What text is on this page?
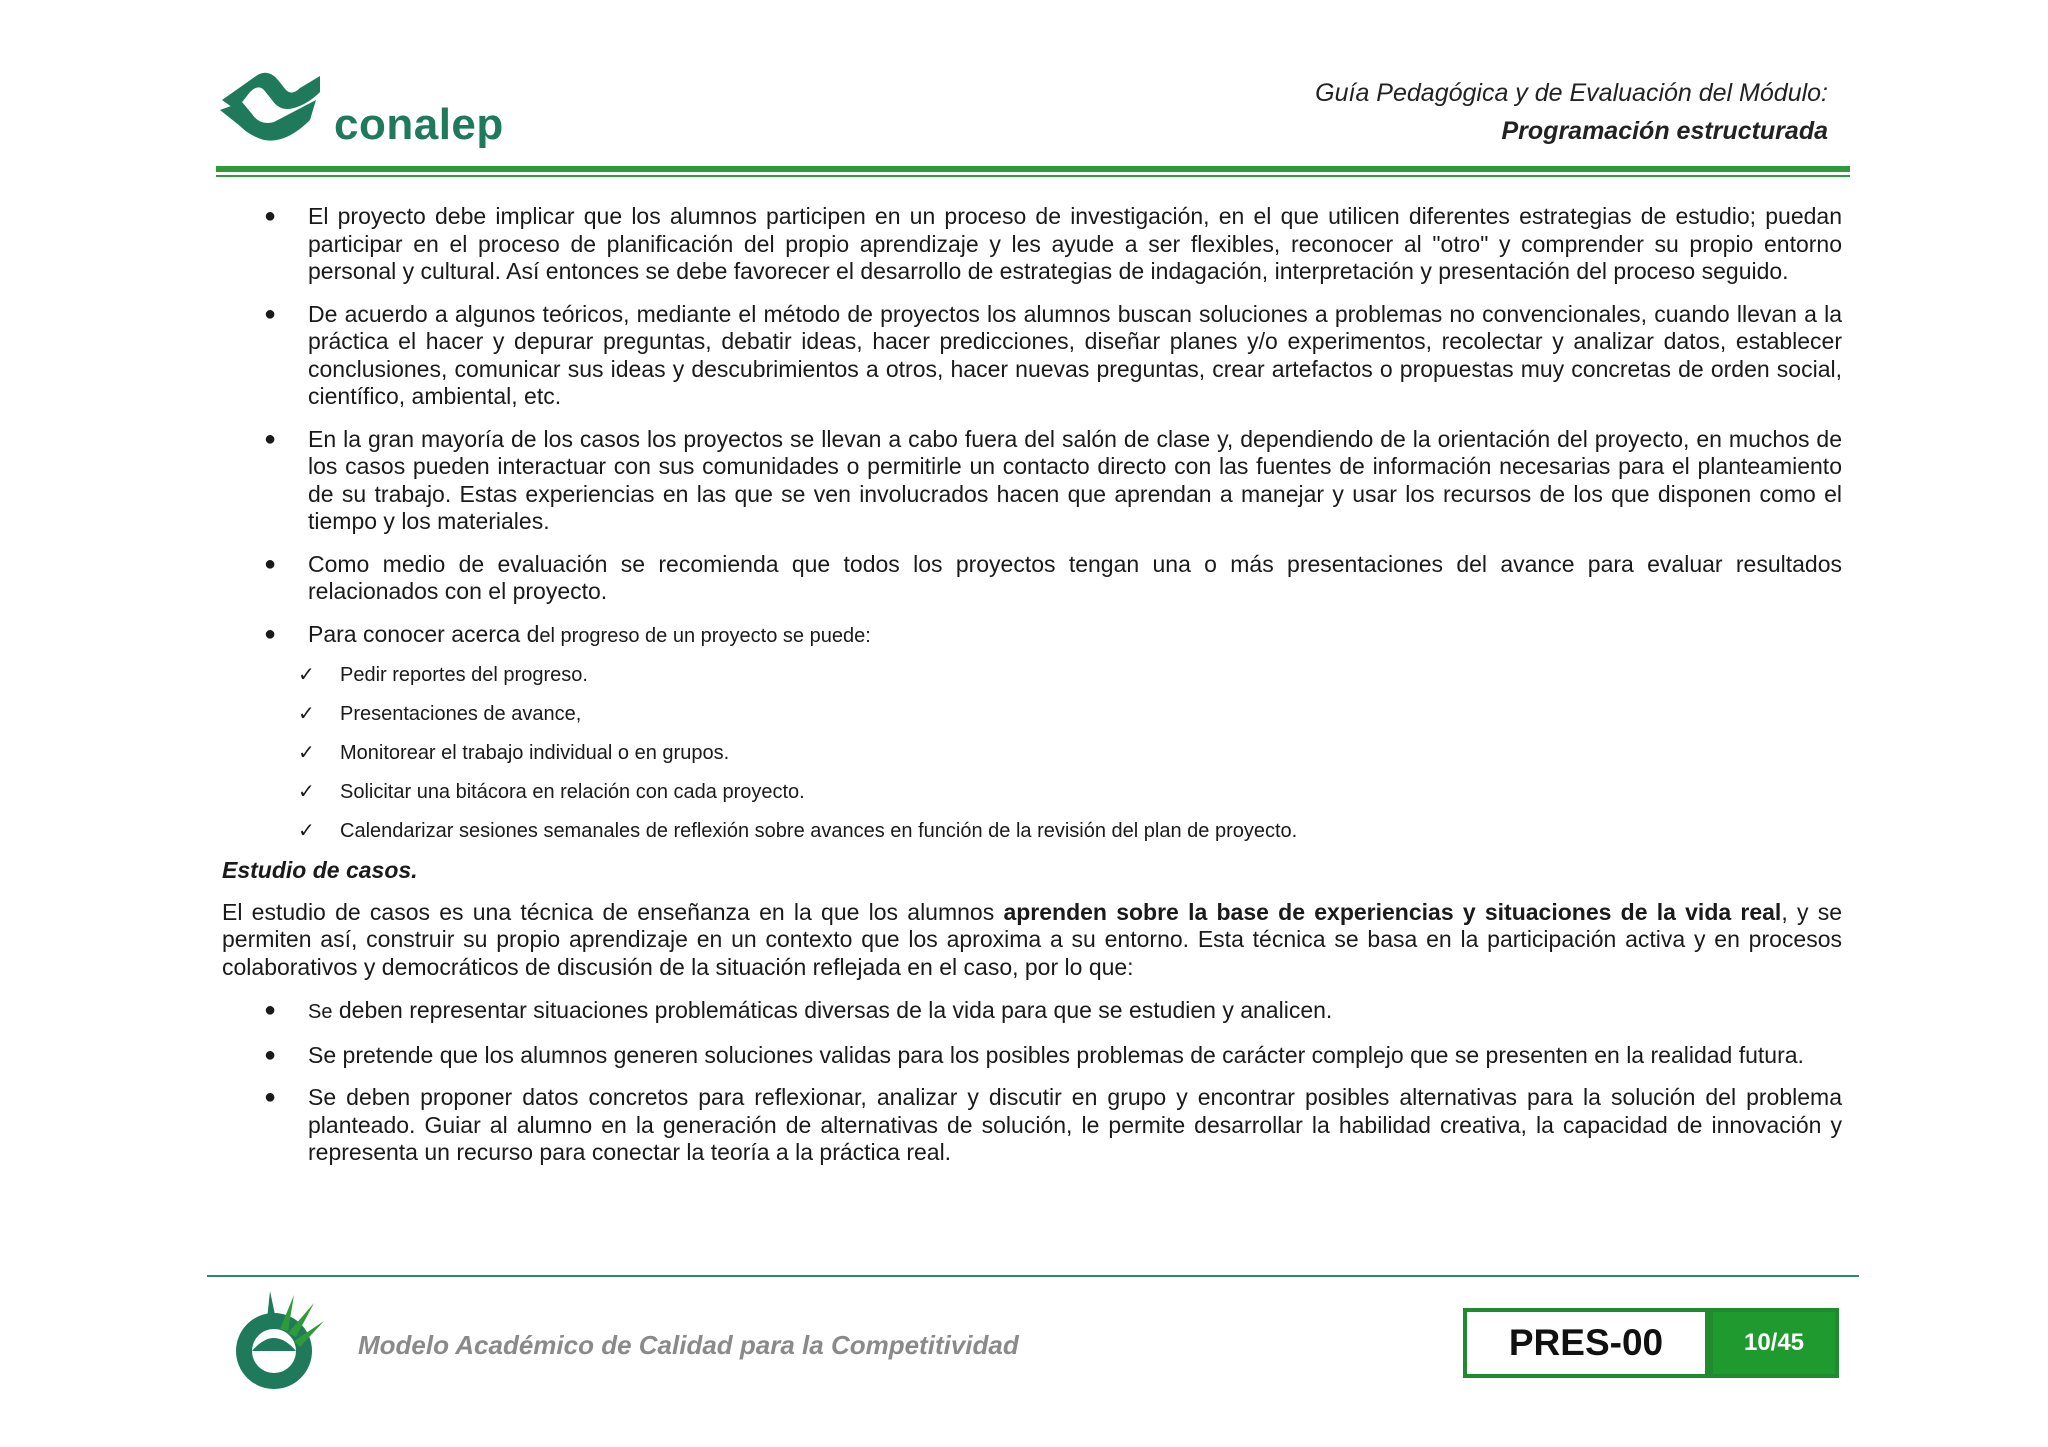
conalep
Guía Pedagógica y de Evaluación del Módulo:
Programación estructurada
● El proyecto debe implicar que los alumnos participen en un proceso de investigación, en el que utilicen diferentes estrategias de estudio; puedan participar en el proceso de planificación del propio aprendizaje y les ayude a ser flexibles, reconocer al "otro" y comprender su propio entorno personal y cultural. Así entonces se debe favorecer el desarrollo de estrategias de indagación, interpretación y presentación del proceso seguido.
● De acuerdo a algunos teóricos, mediante el método de proyectos los alumnos buscan soluciones a problemas no convencionales, cuando llevan a la práctica el hacer y depurar preguntas, debatir ideas, hacer predicciones, diseñar planes y/o experimentos, recolectar y analizar datos, establecer conclusiones, comunicar sus ideas y descubrimientos a otros, hacer nuevas preguntas, crear artefactos o propuestas muy concretas de orden social, científico, ambiental, etc.
● En la gran mayoría de los casos los proyectos se llevan a cabo fuera del salón de clase y, dependiendo de la orientación del proyecto, en muchos de los casos pueden interactuar con sus comunidades o permitirle un contacto directo con las fuentes de información necesarias para el planteamiento de su trabajo. Estas experiencias en las que se ven involucrados hacen que aprendan a manejar y usar los recursos de los que disponen como el tiempo y los materiales.
● Como medio de evaluación se recomienda que todos los proyectos tengan una o más presentaciones del avance para evaluar resultados relacionados con el proyecto.
● Para conocer acerca del progreso de un proyecto se puede:
✓ Pedir reportes del progreso.
✓ Presentaciones de avance,
✓ Monitorear el trabajo individual o en grupos.
✓ Solicitar una bitácora en relación con cada proyecto.
✓ Calendarizar sesiones semanales de reflexión sobre avances en función de la revisión del plan de proyecto.
Estudio de casos.

El estudio de casos es una técnica de enseñanza en la que los alumnos aprenden sobre la base de experiencias y situaciones de la vida real, y se permiten así, construir su propio aprendizaje en un contexto que los aproxima a su entorno. Esta técnica se basa en la participación activa y en procesos colaborativos y democráticos de discusión de la situación reflejada en el caso, por lo que:

● Se deben representar situaciones problemáticas diversas de la vida para que se estudien y analicen.
● Se pretende que los alumnos generen soluciones validas para los posibles problemas de carácter complejo que se presenten en la realidad futura.
● Se deben proponer datos concretos para reflexionar, analizar y discutir en grupo y encontrar posibles alternativas para la solución del problema planteado. Guiar al alumno en la generación de alternativas de solución, le permite desarrollar la habilidad creativa, la capacidad de innovación y representa un recurso para conectar la teoría a la práctica real.
Modelo Académico de Calidad para la Competitividad	PRES-00	10/45
